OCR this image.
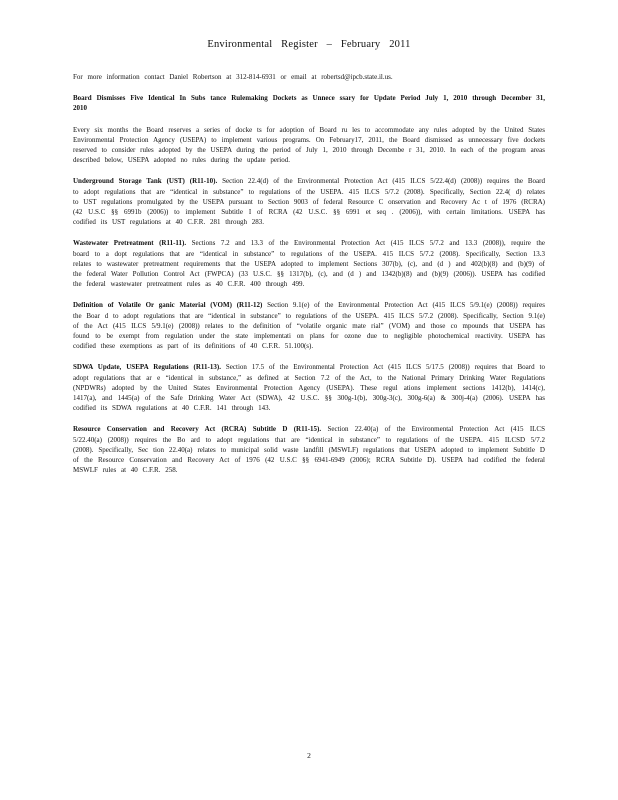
Environmental Register – February 2011

For more information contact Daniel Robertson at 312-814-6931 or email at robertsd@ipcb.state.il.us.

Board Dismisses Five Identical In Subs tance Rulemaking Dockets as Unnece ssary for Update Period July 1, 2010 through December 31, 2010

Every six months the Board reserves a series of docke ts for adoption of Board ru les to accommodate any rules adopted by the United States Environmental Protection Agency (USEPA) to implement various programs. On February17, 2011, the Board dismissed as unnecessary five dockets reserved to consider rules adopted by the USEPA during the period of July 1, 2010 through Decembe r 31, 2010. In each of the program areas described below, USEPA adopted no rules during the update period.

Underground Storage Tank (UST) (R11-10). Section 22.4(d) of the Environmental Protection Act (415 ILCS 5/22.4(d) (2008)) requires the Board to adopt regulations that are “identical in substance” to regulations of the USEPA. 415 ILCS 5/7.2 (2008). Specifically, Section 22.4( d) relates to UST regulations promulgated by the USEPA pursuant to Section 9003 of federal Resource C onservation and Recovery Ac t of 1976 (RCRA) (42 U.S.C §§ 6991b (2006)) to implement Subtitle I of RCRA (42 U.S.C. §§ 6991 et seq . (2006)), with certain limitations. USEPA has codified its UST regulations at 40 C.F.R. 281 through 283.

Wastewater Pretreatment (R11-11). Sections 7.2 and 13.3 of the Environmental Protection Act (415 ILCS 5/7.2 and 13.3 (2008)), require the board to a dopt regulations that are “identical in substance” to regulations of the USEPA. 415 ILCS 5/7.2 (2008). Specifically, Section 13.3 relates to wastewater pretreatment requirements that the USEPA adopted to implement Sections 307(b), (c), and (d ) and 402(b)(8) and (b)(9) of the federal Water Pollution Control Act (FWPCA) (33 U.S.C. §§ 1317(b), (c), and (d ) and 1342(b)(8) and (b)(9) (2006)). USEPA has codified the federal wastewater pretreatment rules as 40 C.F.R. 400 through 499.

Definition of Volatile Or ganic Material (VOM) (R11-12) Section 9.1(e) of the Environmental Protection Act (415 ILCS 5/9.1(e) (2008)) requires the Boar d to adopt regulations that are “identical in substance” to regulations of the USEPA. 415 ILCS 5/7.2 (2008). Specifically, Section 9.1(e) of the Act (415 ILCS 5/9.1(e) (2008)) relates to the definition of “volatile organic mate rial” (VOM) and those co mpounds that USEPA has found to be exempt from regulation under the state implementati on plans for ozone due to negligible photochemical reactivity. USEPA has codified these exemptions as part of its definitions of 40 C.F.R. 51.100(s).

SDWA Update, USEPA Regulations (R11-13). Section 17.5 of the Environmental Protection Act (415 ILCS 5/17.5 (2008)) requires that Board to adopt regulations that ar e “identical in substance,” as defined at Section 7.2 of the Act, to the National Primary Drinking Water Regulations (NPDWRs) adopted by the United States Environmental Protection Agency (USEPA). These regul ations implement sections 1412(b), 1414(c), 1417(a), and 1445(a) of the Safe Drinking Water Act (SDWA), 42 U.S.C. §§ 300g-1(b), 300g-3(c), 300g-6(a) & 300j-4(a) (2006). USEPA has codified its SDWA regulations at 40 C.F.R. 141 through 143.

Resource Conservation and Recovery Act (RCRA) Subtitle D (R11-15). Section 22.40(a) of the Environmental Protection Act (415 ILCS 5/22.40(a) (2008)) requires the Bo ard to adopt regulations that are “identical in substance” to regulations of the USEPA. 415 ILCSD 5/7.2 (2008). Specifically, Sec tion 22.40(a) relates to municipal solid waste landfill (MSWLF) regulations that USEPA adopted to implement Subtitle D of the Resource Conservation and Recovery Act of 1976 (42 U.S.C §§ 6941-6949 (2006); RCRA Subtitle D). USEPA had codified the federal MSWLF rules at 40 C.F.R. 258.

2
